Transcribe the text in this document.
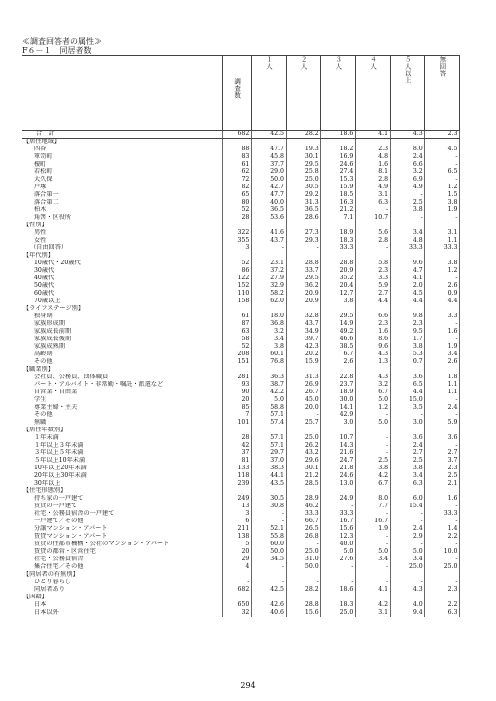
≪調査回答者の属性≫
F６－１　同居者数
	調査数	１人	２人	３人	４人	５人以上	無回答
合　計	682	42.5	28.2	18.6	4.1	4.3	2.3
【居住地域】							
四谷	88	47.7	19.3	18.2	2.3	8.0	4.5
箪笥町	83	45.8	30.1	16.9	4.8	2.4	-
榎町	61	37.7	29.5	24.6	1.6	6.6	-
若松町	62	29.0	25.8	27.4	8.1	3.2	6.5
大久保	72	50.0	25.0	15.3	2.8	6.9	-
戸塚	82	42.7	30.5	15.9	4.9	4.9	1.2
落合第一	65	47.7	29.2	18.5	3.1	-	1.5
落合第二	80	40.0	31.3	16.3	6.3	2.5	3.8
柏木	52	36.5	36.5	21.2	-	3.8	1.9
角筈・区役所	28	53.6	28.6	7.1	10.7	-	-
【性別】							
男性	322	41.6	27.3	18.9	5.6	3.4	3.1
女性	355	43.7	29.3	18.3	2.8	4.8	1.1
（自由回答）	3	-	-	33.3	-	33.3	33.3
【年代別】							
10歳代・20歳代	52	23.1	28.8	28.8	5.8	9.6	3.8
30歳代	86	37.2	33.7	20.9	2.3	4.7	1.2
40歳代	122	27.9	29.5	35.2	3.3	4.1	-
50歳代	152	32.9	36.2	20.4	5.9	2.0	2.6
60歳代	110	58.2	20.9	12.7	2.7	4.5	0.9
70歳以上	158	62.0	20.9	3.8	4.4	4.4	4.4
【ライフステージ別】							
独身期	61	18.0	32.8	29.5	6.6	9.8	3.3
家族形成期	87	36.8	43.7	14.9	2.3	2.3	-
家族成長前期	63	3.2	34.9	49.2	1.6	9.5	1.6
家族成長後期	58	3.4	39.7	46.6	8.6	1.7	-
家族成熟期	52	3.8	42.3	38.5	9.6	3.8	1.9
高齢期	208	60.1	20.2	6.7	4.3	5.3	3.4
その他	151	76.8	15.9	2.6	1.3	0.7	2.6
【職業別】							
会社員、公務員、団体職員	281	36.3	31.3	22.8	4.3	3.6	1.8
パート・アルバイト・非常勤・嘱託・派遣など	93	38.7	26.9	23.7	3.2	6.5	1.1
自営業・自由業	90	42.2	26.7	18.9	6.7	4.4	1.1
学生	20	5.0	45.0	30.0	5.0	15.0	-
専業主婦・主夫	85	58.8	20.0	14.1	1.2	3.5	2.4
その他	7	57.1	-	42.9	-	-	-
無職	101	57.4	25.7	3.0	5.0	3.0	5.9
【居住年数別】							
１年未満	28	57.1	25.0	10.7	-	3.6	3.6
１年以上３年未満	42	57.1	26.2	14.3	-	2.4	-
３年以上５年未満	37	29.7	43.2	21.6	-	2.7	2.7
５年以上10年未満	81	37.0	29.6	24.7	2.5	2.5	3.7
10年以上20年未満	133	38.3	30.1	21.8	3.8	3.8	2.3
20年以上30年未満	118	44.1	21.2	24.6	4.2	3.4	2.5
30年以上	239	43.5	28.5	13.0	6.7	6.3	2.1
【住宅形態別】							
持ち家の一戸建て	249	30.5	28.9	24.9	8.0	6.0	1.6
賃貸の一戸建て	13	30.8	46.2	-	7.7	15.4	-
社宅・公務員宿舎の一戸建て	3	-	33.3	33.3	-	-	33.3
一戸建て／その他	6	-	66.7	16.7	16.7	-	-
分譲マンション・アパート	211	52.1	26.5	15.6	1.9	2.4	1.4
賃貸マンション・アパート	138	55.8	26.8	12.3	-	2.9	2.2
賃貸の住都市機構・公社のマンション・アパート	5	60.0	-	40.0	-	-	-
賃貸の都営・区営住宅	20	50.0	25.0	5.0	5.0	5.0	10.0
社宅・公務員宿舎	29	34.5	31.0	27.6	3.4	3.4	-
集合住宅／その他	4	-	50.0	-	-	25.0	25.0
【同居者の有無別】							
ひとり暮らし	-	-	-	-	-	-	-
同居者あり	682	42.5	28.2	18.6	4.1	4.3	2.3
【国籍】							
日本	650	42.6	28.8	18.3	4.2	4.0	2.2
日本以外	32	40.6	15.6	25.0	3.1	9.4	6.3
294
